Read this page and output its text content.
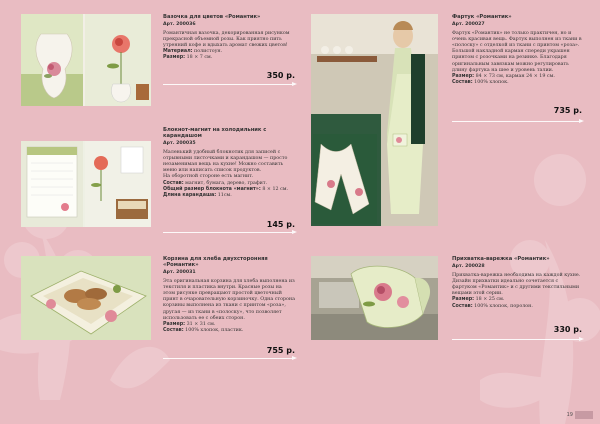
Вазочка для цветов «Романтик»
Арт. 200036
Романтичная вазочка, декорированная рисунком прекрасной объемной розы. Как приятно пить утренний кофе и вдыхать аромат свежих цветов!
Материал: полистоун.
Размер: 18 × 7 см.
350 р.
Блокнот-магнит на холодильник с карандашом
Арт. 200035
Маленький удобный блокнотик для записей с отрывными листочками и карандашом — просто незаменимая вещь на кухне! Можно составить меню или написать список продуктов.
На оборотной стороне есть магнит.
Состав: магнит, бумага, дерево, графит.
Общий размер блокнота «магнит»: 8 × 12 см.
Длина карандаша: 11см.
145 р.
Корзина для хлеба двухсторонняя «Романтик»
Арт. 200031
Эта оригинальная корзина для хлеба выполнена из текстиля и пластика внутри. Красные розы на этом рисунке превращают простой цветочный принт в очаровательную корзиночку. Одна сторона корзины выполнена из ткани с принтом «роза», другая — из ткани в «полоску», что позволяет использовать ее с обеих сторон.
Размер: 31 × 31 см.
Состав: 100% хлопок, пластик.
755 р.
Фартук «Романтик»
Арт. 200027
Фартук «Романтик» не только практичен, но и очень красивая вещь. Фартук выполнен из ткани в «полоску» с отделкой из ткани с принтом «роза». Большой накладной карман спереди украшен принтом с розочками на резинке. Благодаря оригинальным завязкам можно регулировать длину фартука на шее и уровень талии.
Размер: 84 × 73 см, карман 24 × 19 см.
Состав: 100% хлопок.
735 р.
Прихватка-варежка «Романтик»
Арт. 200028
Прихватка-варежка необходима на каждой кухне. Дизайн прихватки идеально сочетается с фартуком «Романтик» и с другими текстильными вещами этой серии.
Размер: 18 × 25 см.
Состав: 100% хлопок, поролон.
330 р.
19
